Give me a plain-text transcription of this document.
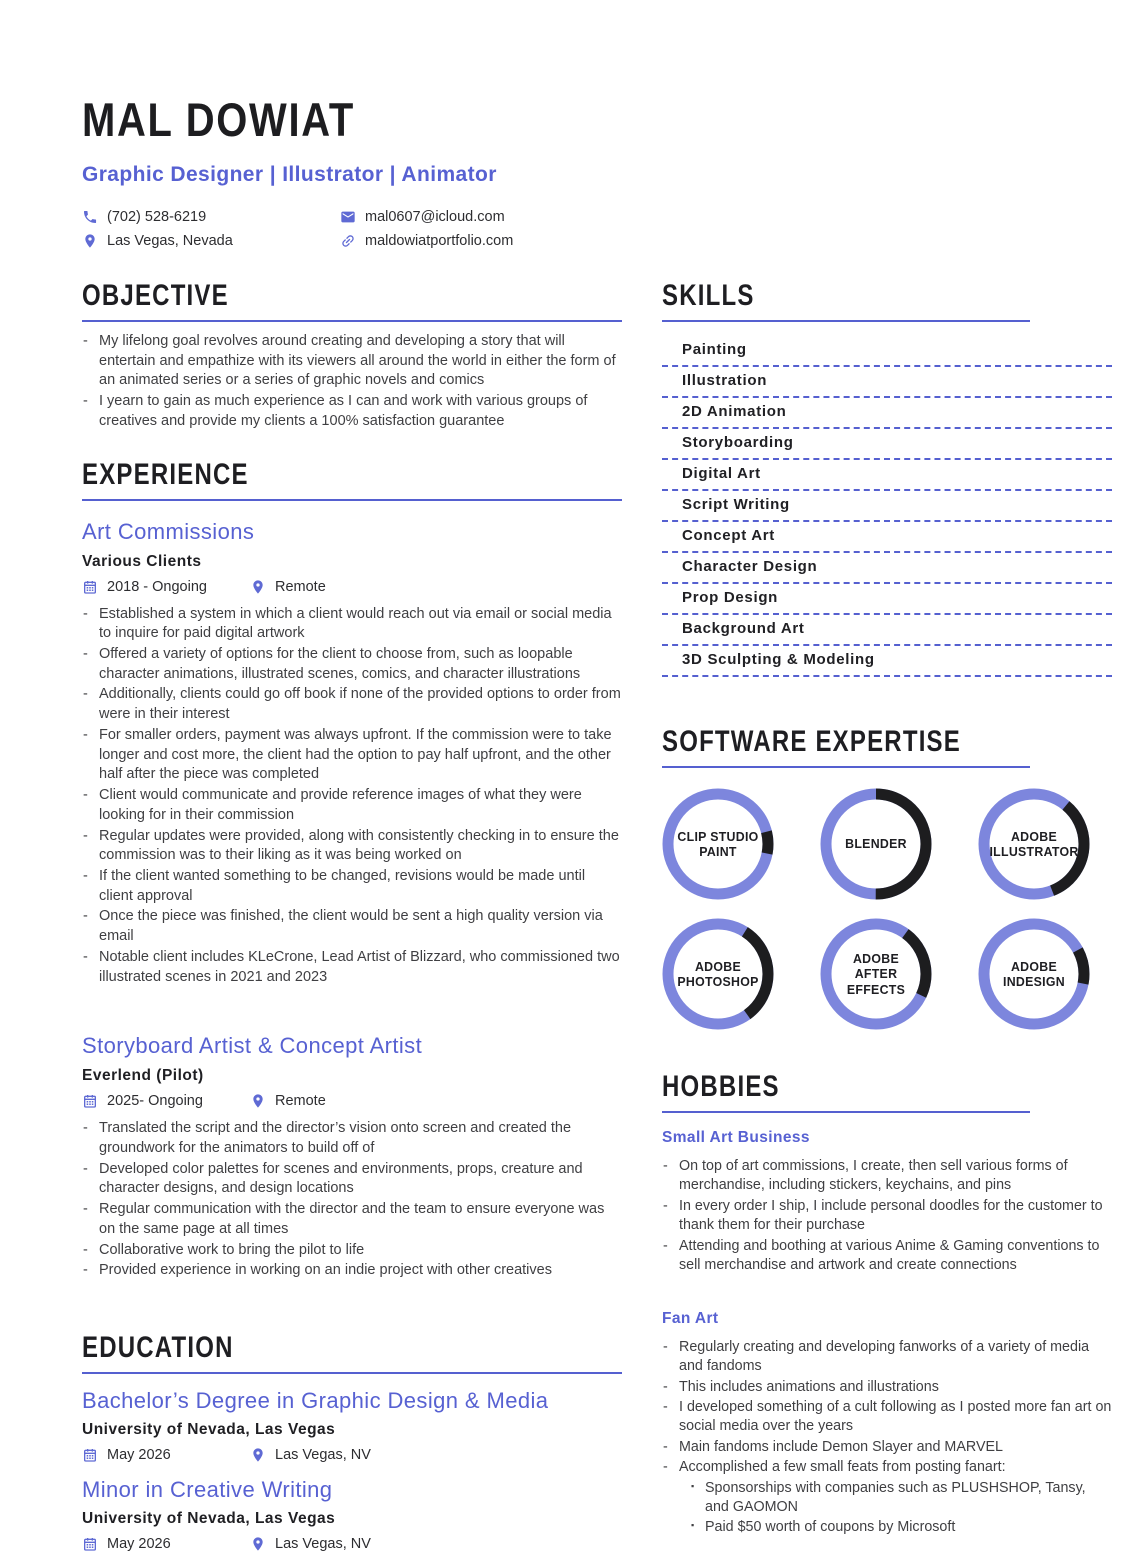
MAL DOWIAT
Graphic Designer | Illustrator | Animator
(702) 528-6219	mal0607@icloud.com
Las Vegas, Nevada	maldowiatportfolio.com
OBJECTIVE
- My lifelong goal revolves around creating and developing a story that will entertain and empathize with its viewers all around the world in either the form of an animated series or a series of graphic novels and comics
- I yearn to gain as much experience as I can and work with various groups of creatives and provide my clients a 100% satisfaction guarantee
EXPERIENCE
Art Commissions
Various Clients
2018 - Ongoing	Remote
- Established a system in which a client would reach out via email or social media to inquire for paid digital artwork
- Offered a variety of options for the client to choose from, such as loopable character animations, illustrated scenes, comics, and character illustrations
- Additionally, clients could go off book if none of the provided options to order from were in their interest
- For smaller orders, payment was always upfront. If the commission were to take longer and cost more, the client had the option to pay half upfront, and the other half after the piece was completed
- Client would communicate and provide reference images of what they were looking for in their commission
- Regular updates were provided, along with consistently checking in to ensure the commission was to their liking as it was being worked on
- If the client wanted something to be changed, revisions would be made until client approval
- Once the piece was finished, the client would be sent a high quality version via email
- Notable client includes KLeCrone, Lead Artist of Blizzard, who commissioned two illustrated scenes in 2021 and 2023
Storyboard Artist & Concept Artist
Everlend (Pilot)
2025- Ongoing	Remote
- Translated the script and the director’s vision onto screen and created the groundwork for the animators to build off of
- Developed color palettes for scenes and environments, props, creature and character designs, and design locations
- Regular communication with the director and the team to ensure everyone was on the same page at all times
- Collaborative work to bring the pilot to life
- Provided experience in working on an indie project with other creatives
EDUCATION
Bachelor’s Degree in Graphic Design & Media
University of Nevada, Las Vegas
May 2026	Las Vegas, NV
Minor in Creative Writing
University of Nevada, Las Vegas
May 2026	Las Vegas, NV
SKILLS
Painting
Illustration
2D Animation
Storyboarding
Digital Art
Script Writing
Concept Art
Character Design
Prop Design
Background Art
3D Sculpting & Modeling
SOFTWARE EXPERTISE
CLIP STUDIO
PAINT
BLENDER
ADOBE
ILLUSTRATOR
ADOBE
PHOTOSHOP
ADOBE
AFTER
EFFECTS
ADOBE
INDESIGN
HOBBIES
Small Art Business
- On top of art commissions, I create, then sell various forms of merchandise, including stickers, keychains, and pins
- In every order I ship, I include personal doodles for the customer to thank them for their purchase
- Attending and boothing at various Anime & Gaming conventions to sell merchandise and artwork and create connections
Fan Art
- Regularly creating and developing fanworks of a variety of media and fandoms
- This includes animations and illustrations
- I developed something of a cult following as I posted more fan art on social media over the years
- Main fandoms include Demon Slayer and MARVEL
- Accomplished a few small feats from posting fanart:
▪ Sponsorships with companies such as PLUSHSHOP, Tansy, and GAOMON
▪ Paid $50 worth of coupons by Microsoft
